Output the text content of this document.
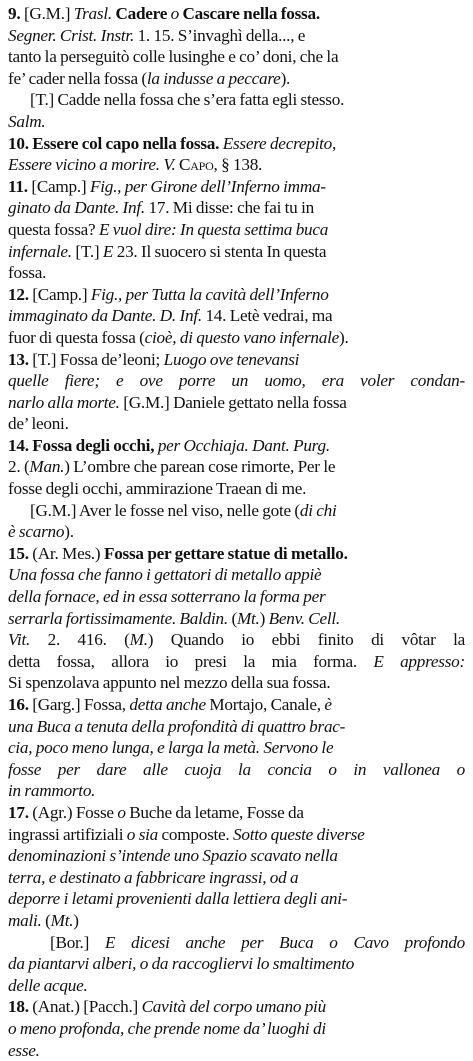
9. [G.M.] Trasl. Cadere o Cascare nella fossa.
Segner. Crist. Instr. 1. 15. S’invaghì della..., e
tanto la perseguitò colle lusinghe e co’ doni, che la
fe’ cader nella fossa (la indusse a peccare).
[T.] Cadde nella fossa che s’era fatta egli stesso.
Salm.
10. Essere col capo nella fossa. Essere decrepito,
Essere vicino a morire. V. Capo, § 138.
11. [Camp.] Fig., per Girone dell’Inferno imma-
ginato da Dante. Inf. 17. Mi disse: che fai tu in
questa fossa? E vuol dire: In questa settima buca
infernale. [T.] E 23. Il suocero si stenta In questa
fossa.
12. [Camp.] Fig., per Tutta la cavità dell’Inferno
immaginato da Dante. D. Inf. 14. Letè vedrai, ma
fuor di questa fossa (cioè, di questo vano infernale).
13. [T.] Fossa de’leoni; Luogo ove tenevansi
quelle fiere; e ove porre un uomo, era voler condan-
narlo alla morte. [G.M.] Daniele gettato nella fossa
de’ leoni.
14. Fossa degli occhi, per Occhiaja. Dant. Purg.
2. (Man.) L’ombre che parean cose rimorte, Per le
fosse degli occhi, ammirazione Traean di me.
[G.M.] Aver le fosse nel viso, nelle gote (di chi
è scarno).
15. (Ar. Mes.) Fossa per gettare statue di metallo.
Una fossa che fanno i gettatori di metallo appiè
della fornace, ed in essa sotterrano la forma per
serrarla fortissimamente. Baldin. (Mt.) Benv. Cell.
Vit. 2. 416. (M.) Quando io ebbi finito di vôtar la
detta fossa, allora io presi la mia forma. E appresso:
Si spenzolava appunto nel mezzo della sua fossa.
16. [Garg.] Fossa, detta anche Mortajo, Canale, è
una Buca a tenuta della profondità di quattro brac-
cia, poco meno lunga, e larga la metà. Servono le
fosse per dare alle cuoja la concia o in vallonea o
in rammorto.
17. (Agr.) Fosse o Buche da letame, Fosse da
ingrassi artifiziali o sia composte. Sotto queste diverse
denominazioni s’intende uno Spazio scavato nella
terra, e destinato a fabbricare ingrassi, od a
deporre i letami provenienti dalla lettiera degli ani-
mali. (Mt.)
[Bor.] E dicesi anche per Buca o Cavo profondo
da piantarvi alberi, o da raccogliervi lo smaltimento
delle acque.
18. (Anat.) [Pacch.] Cavità del corpo umano più
o meno profonda, che prende nome da’ luoghi di
esse.
